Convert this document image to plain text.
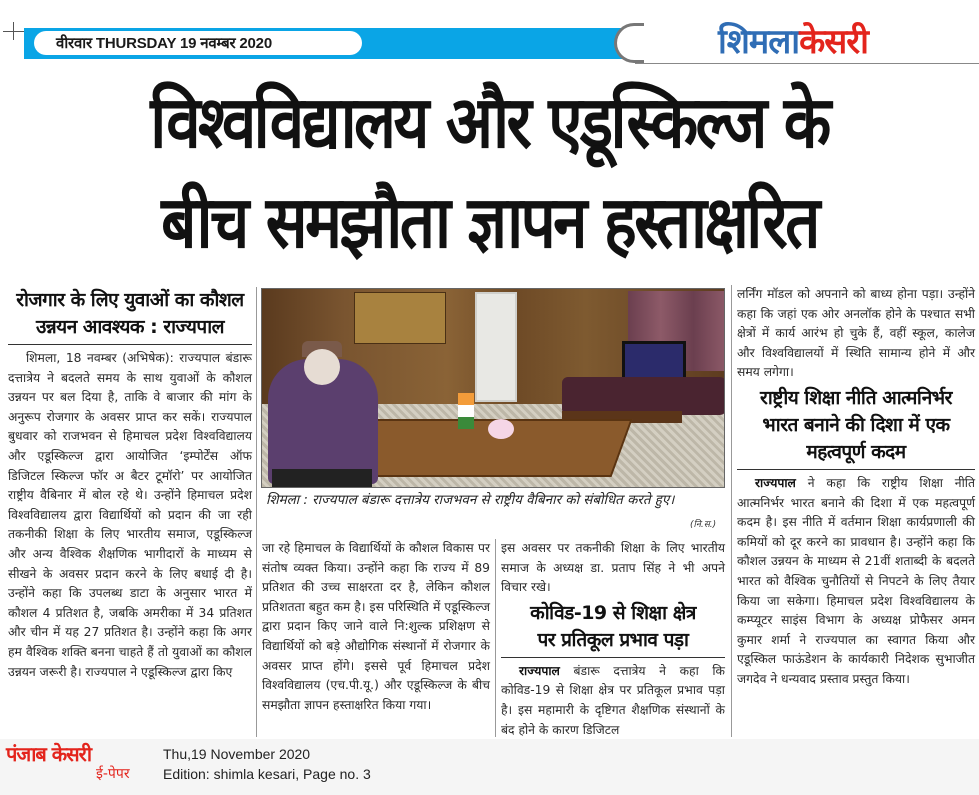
वीरवार THURSDAY 19 नवम्बर 2020	शिमलाकेसरी
विश्वविद्यालय और एडूस्किल्ज के
बीच समझौता ज्ञापन हस्ताक्षरित
रोजगार के लिए युवाओं का कौशल
उन्नयन आवश्यक : राज्यपाल

शिमला, 18 नवम्बर (अभिषेक): राज्यपाल बंडारू दत्तात्रेय ने बदलते समय के साथ युवाओं के कौशल उन्नयन पर बल दिया है, ताकि वे बाजार की मांग के अनुरूप रोजगार के अवसर प्राप्त कर सकें। राज्यपाल बुधवार को राजभवन से हिमाचल प्रदेश विश्वविद्यालय और एडूस्किल्ज द्वारा आयोजित ‘इम्पोर्टेंस ऑफ डिजिटल स्किल्ज फॉर अ बैटर टूमॉरो’ पर आयोजित राष्ट्रीय वैबिनार में बोल रहे थे। उन्होंने हिमाचल प्रदेश विश्वविद्यालय द्वारा विद्यार्थियों को प्रदान की जा रही तकनीकी शिक्षा के लिए भारतीय समाज, एडूस्किल्ज और अन्य वैश्विक शैक्षणिक भागीदारों के माध्यम से सीखने के अवसर प्रदान करने के लिए बधाई दी है। उन्होंने कहा कि उपलब्ध डाटा के अनुसार भारत में कौशल 4 प्रतिशत है, जबकि अमरीका में 34 प्रतिशत और चीन में यह 27 प्रतिशत है। उन्होंने कहा कि अगर हम वैश्विक शक्ति बनना चाहते हैं तो युवाओं का कौशल उन्नयन जरूरी है। राज्यपाल ने एडूस्किल्ज द्वारा किए

शिमला : राज्यपाल बंडारू दत्तात्रेय राजभवन से राष्ट्रीय वैबिनार को संबोधित करते हुए।
(नि.स.)

जा रहे हिमाचल के विद्यार्थियों के कौशल विकास पर संतोष व्यक्त किया। उन्होंने कहा कि राज्य में 89 प्रतिशत की उच्च साक्षरता दर है, लेकिन कौशल प्रतिशतता बहुत कम है। इस परिस्थिति में एडूस्किल्ज द्वारा प्रदान किए जाने वाले नि:शुल्क प्रशिक्षण से विद्यार्थियों को बड़े औद्योगिक संस्थानों में रोजगार के अवसर प्राप्त होंगे। इससे पूर्व हिमाचल प्रदेश विश्वविद्यालय (एच.पी.यू.) और एडूस्किल्ज के बीच समझौता ज्ञापन हस्ताक्षरित किया गया।

इस अवसर पर तकनीकी शिक्षा के लिए भारतीय समाज के अध्यक्ष डा. प्रताप सिंह ने भी अपने विचार रखे।

कोविड-19 से शिक्षा क्षेत्र
पर प्रतिकूल प्रभाव पड़ा

राज्यपाल बंडारू दत्तात्रेय ने कहा कि कोविड-19 से शिक्षा क्षेत्र पर प्रतिकूल प्रभाव पड़ा है। इस महामारी के दृष्टिगत शैक्षणिक संस्थानों के बंद होने के कारण डिजिटल

लर्निंग मॉडल को अपनाने को बाध्य होना पड़ा। उन्होंने कहा कि जहां एक ओर अनलॉक होने के पश्चात सभी क्षेत्रों में कार्य आरंभ हो चुके हैं, वहीं स्कूल, कालेज और विश्वविद्यालयों में स्थिति सामान्य होने में और समय लगेगा।

राष्ट्रीय शिक्षा नीति आत्मनिर्भर
भारत बनाने की दिशा में एक
महत्वपूर्ण कदम

राज्यपाल ने कहा कि राष्ट्रीय शिक्षा नीति आत्मनिर्भर भारत बनाने की दिशा में एक महत्वपूर्ण कदम है। इस नीति में वर्तमान शिक्षा कार्यप्रणाली की कमियों को दूर करने का प्रावधान है। उन्होंने कहा कि कौशल उन्नयन के माध्यम से 21वीं शताब्दी के बदलते भारत को वैश्विक चुनौतियों से निपटने के लिए तैयार किया जा सकेगा। हिमाचल प्रदेश विश्वविद्यालय के कम्प्यूटर साइंस विभाग के अध्यक्ष प्रोफैसर अमन कुमार शर्मा ने राज्यपाल का स्वागत किया और एडूस्किल फाऊंडेशन के कार्यकारी निदेशक सुभाजीत जगदेव ने धन्यवाद प्रस्ताव प्रस्तुत किया।

पंजाब केसरी
ई-पेपर
Thu,19 November 2020
Edition: shimla kesari, Page no. 3
